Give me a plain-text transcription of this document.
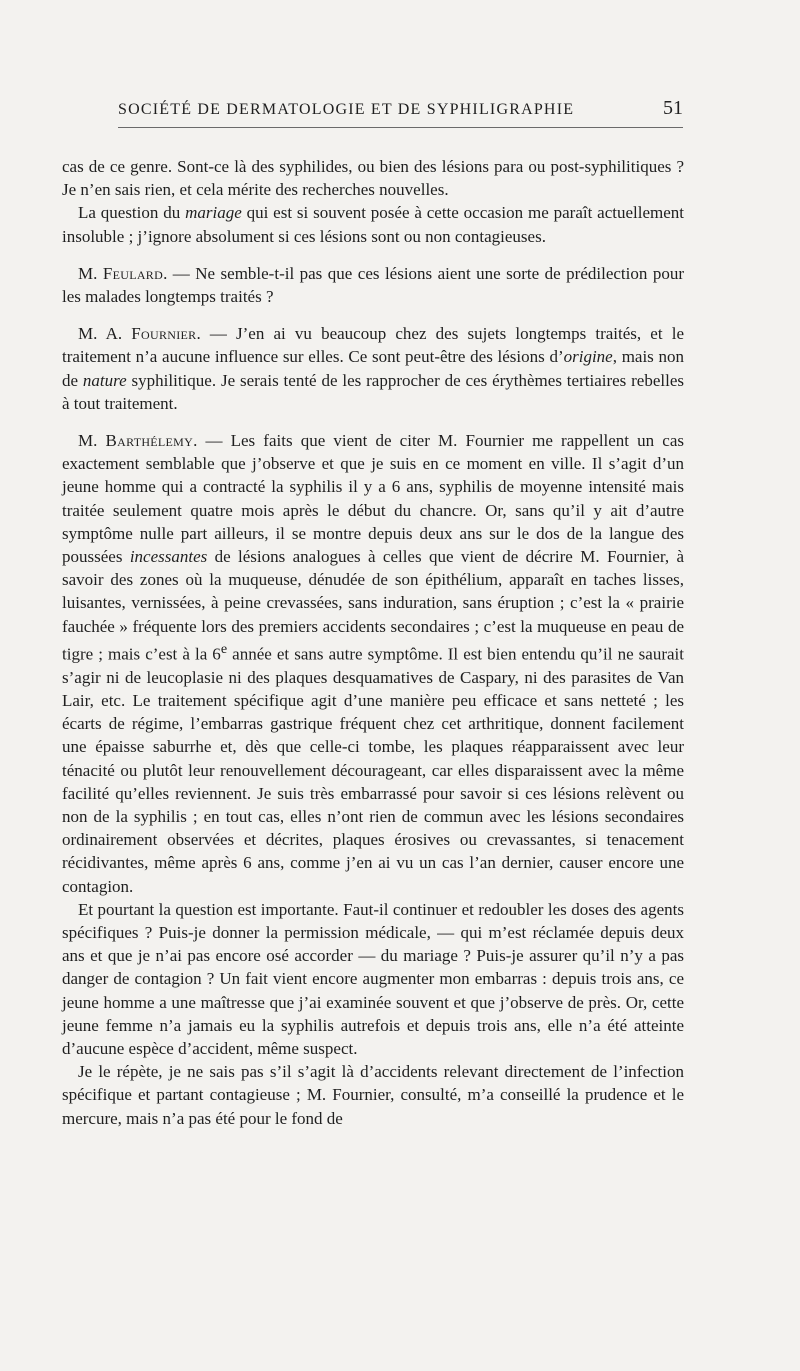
SOCIÉTÉ DE DERMATOLOGIE ET DE SYPHILIGRAPHIE	51

cas de ce genre. Sont-ce là des syphilides, ou bien des lésions para ou post-syphilitiques ? Je n’en sais rien, et cela mérite des recherches nouvelles.

La question du mariage qui est si souvent posée à cette occasion me paraît actuellement insoluble ; j’ignore absolument si ces lésions sont ou non contagieuses.

M. Feulard. — Ne semble-t-il pas que ces lésions aient une sorte de prédilection pour les malades longtemps traités ?

M. A. Fournier. — J’en ai vu beaucoup chez des sujets longtemps traités, et le traitement n’a aucune influence sur elles. Ce sont peut-être des lésions d’origine, mais non de nature syphilitique. Je serais tenté de les rapprocher de ces érythèmes tertiaires rebelles à tout traitement.

M. Barthélemy. — Les faits que vient de citer M. Fournier me rappellent un cas exactement semblable que j’observe et que je suis en ce moment en ville. Il s’agit d’un jeune homme qui a contracté la syphilis il y a 6 ans, syphilis de moyenne intensité mais traitée seulement quatre mois après le début du chancre. Or, sans qu’il y ait d’autre symptôme nulle part ailleurs, il se montre depuis deux ans sur le dos de la langue des poussées incessantes de lésions analogues à celles que vient de décrire M. Fournier, à savoir des zones où la muqueuse, dénudée de son épithélium, apparaît en taches lisses, luisantes, vernissées, à peine crevassées, sans induration, sans éruption ; c’est la « prairie fauchée » fréquente lors des premiers accidents secondaires ; c’est la muqueuse en peau de tigre ; mais c’est à la 6e année et sans autre symptôme. Il est bien entendu qu’il ne saurait s’agir ni de leucoplasie ni des plaques desquamatives de Caspary, ni des parasites de Van Lair, etc. Le traitement spécifique agit d’une manière peu efficace et sans netteté ; les écarts de régime, l’embarras gastrique fréquent chez cet arthritique, donnent facilement une épaisse saburrhe et, dès que celle-ci tombe, les plaques réapparaissent avec leur ténacité ou plutôt leur renouvellement décourageant, car elles disparaissent avec la même facilité qu’elles reviennent. Je suis très embarrassé pour savoir si ces lésions relèvent ou non de la syphilis ; en tout cas, elles n’ont rien de commun avec les lésions secondaires ordinairement observées et décrites, plaques érosives ou crevassantes, si tenacement récidivantes, même après 6 ans, comme j’en ai vu un cas l’an dernier, causer encore une contagion.

Et pourtant la question est importante. Faut-il continuer et redoubler les doses des agents spécifiques ? Puis-je donner la permission médicale, — qui m’est réclamée depuis deux ans et que je n’ai pas encore osé accorder — du mariage ? Puis-je assurer qu’il n’y a pas danger de contagion ? Un fait vient encore augmenter mon embarras : depuis trois ans, ce jeune homme a une maîtresse que j’ai examinée souvent et que j’observe de près. Or, cette jeune femme n’a jamais eu la syphilis autrefois et depuis trois ans, elle n’a été atteinte d’aucune espèce d’accident, même suspect.

Je le répète, je ne sais pas s’il s’agit là d’accidents relevant directement de l’infection spécifique et partant contagieuse ; M. Fournier, consulté, m’a conseillé la prudence et le mercure, mais n’a pas été pour le fond de
